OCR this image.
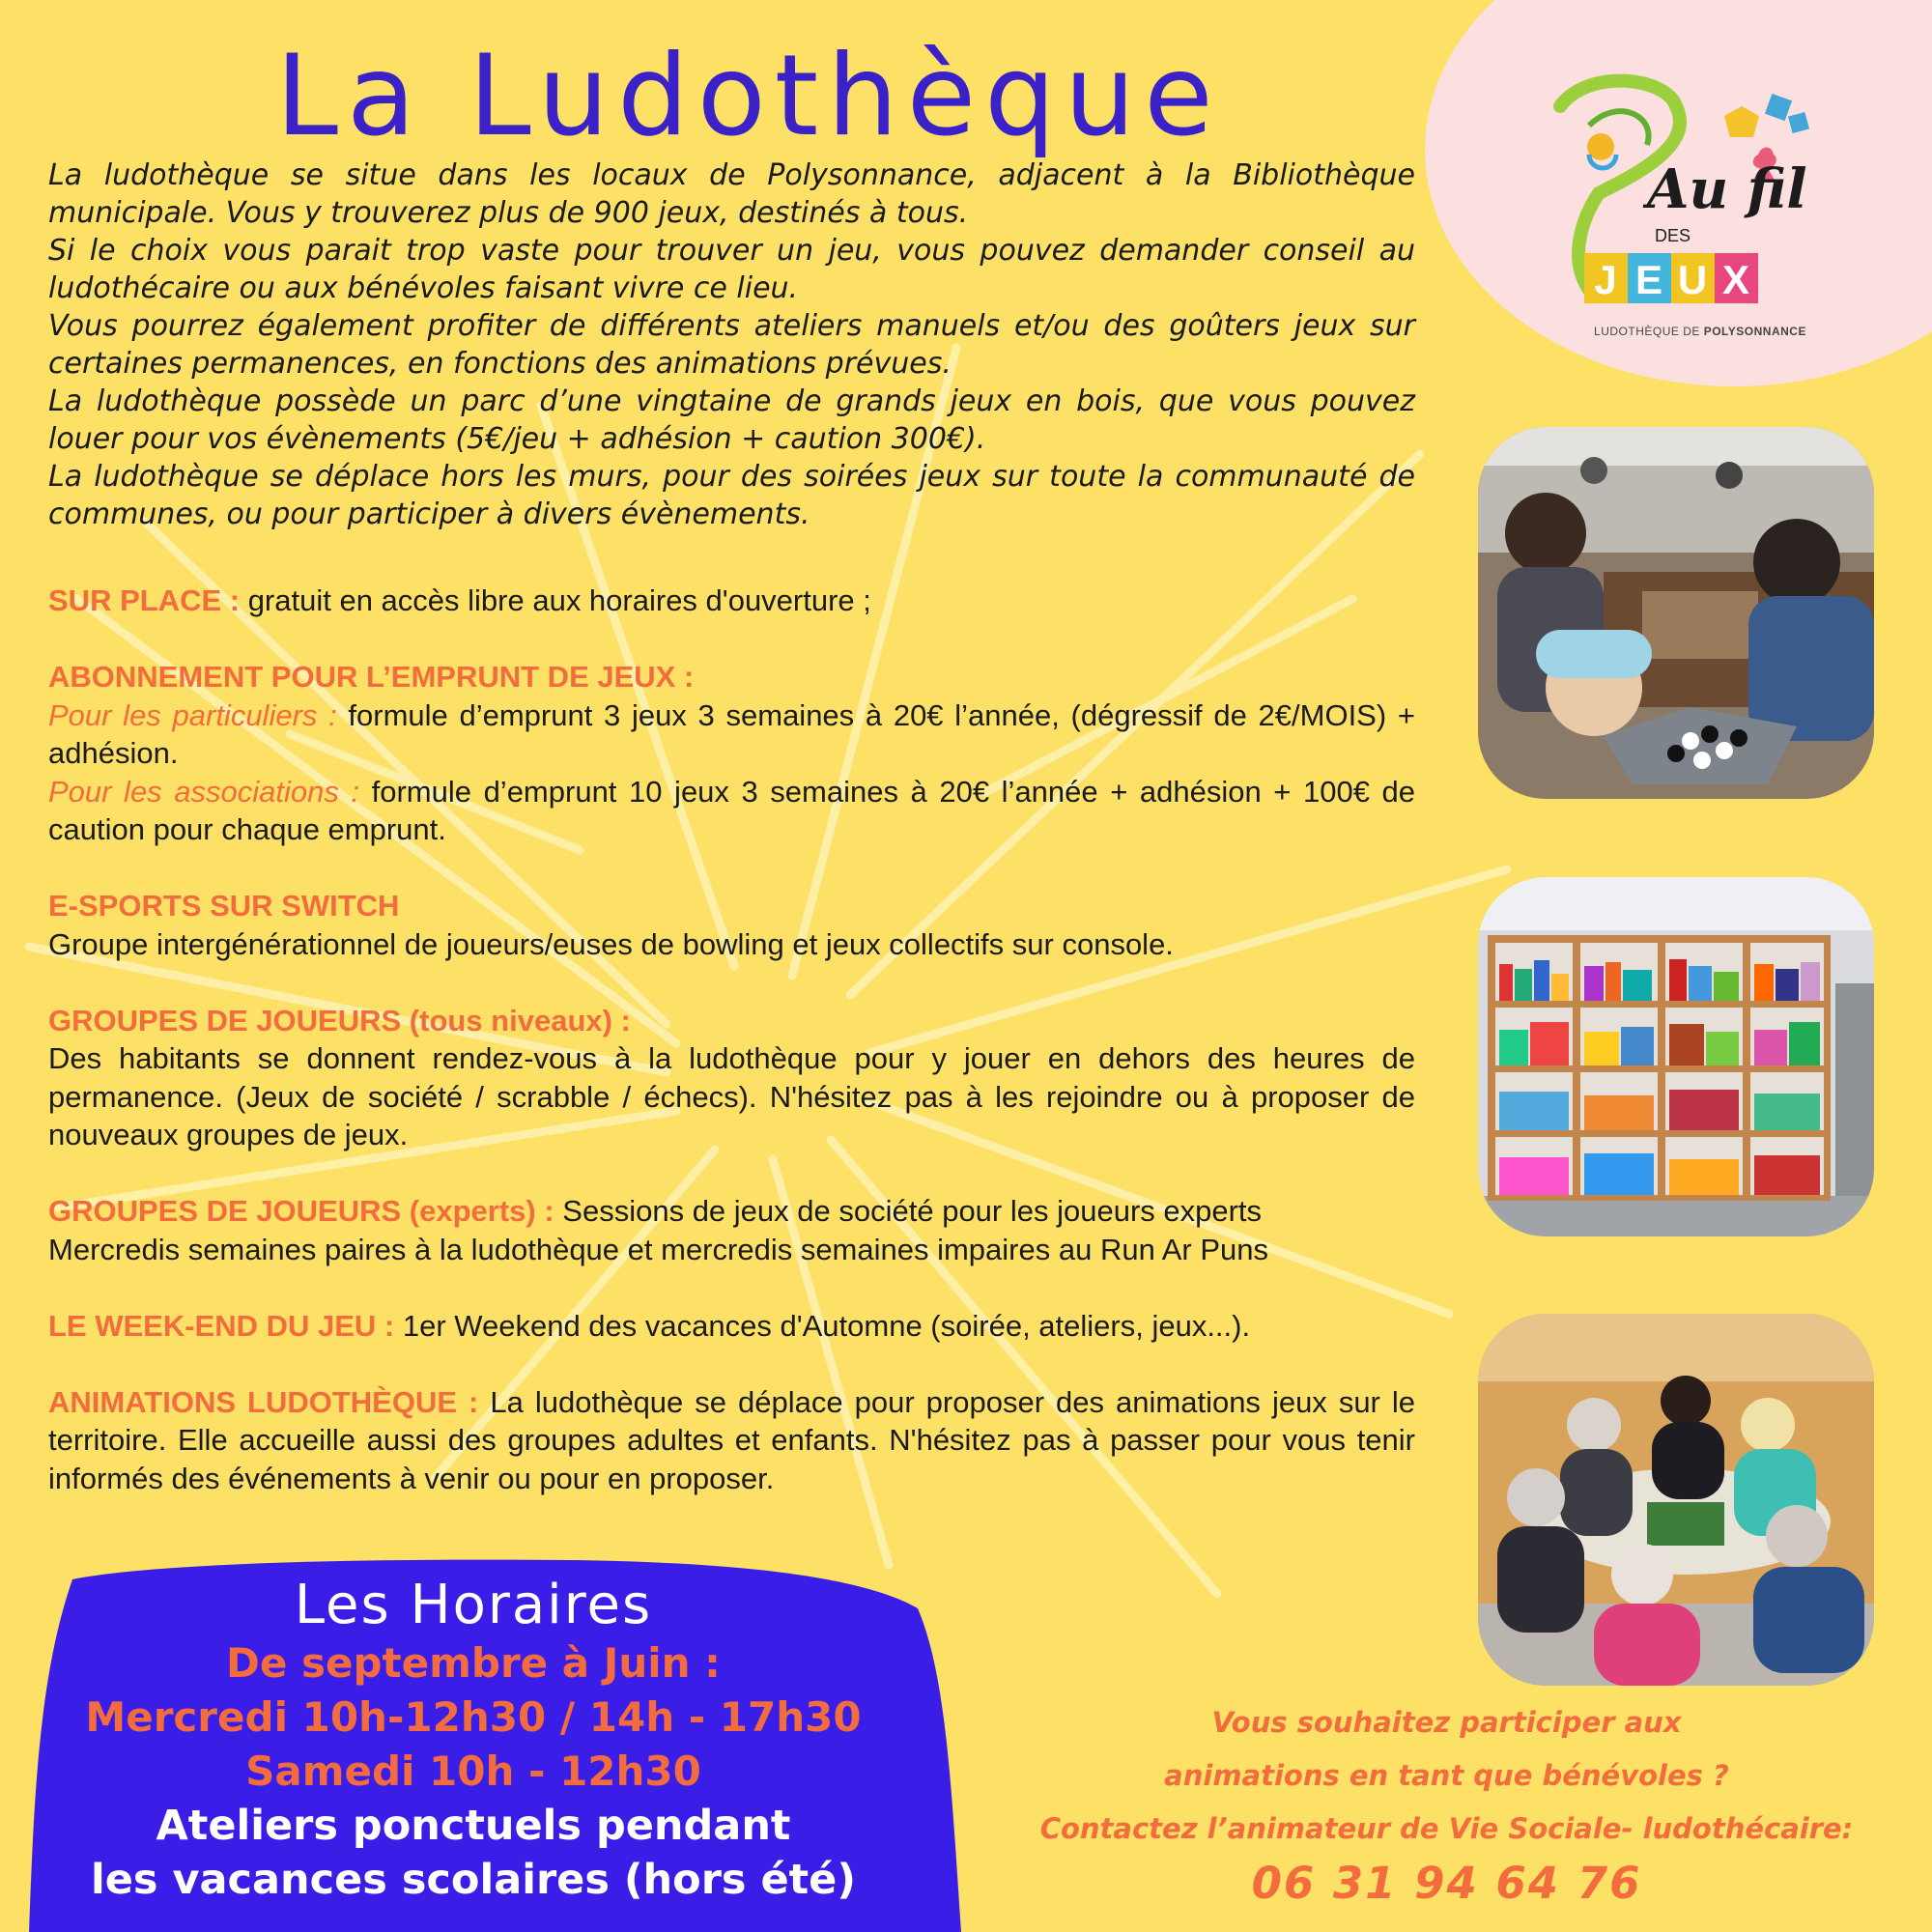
Au fil
DES
J E U X
LUDOTHÈQUE DE POLYSONNANCE
La Ludothèque

La ludothèque se situe dans les locaux de Polysonnance, adjacent à la Bibliothèque municipale. Vous y trouverez plus de 900 jeux, destinés à tous.

Si le choix vous parait trop vaste pour trouver un jeu, vous pouvez demander conseil au ludothécaire ou aux bénévoles faisant vivre ce lieu.

Vous pourrez également profiter de différents ateliers manuels et/ou des goûters jeux sur certaines permanences, en fonctions des animations prévues.

La ludothèque possède un parc d’une vingtaine de grands jeux en bois, que vous pouvez louer pour vos évènements (5€/jeu + adhésion + caution 300€).

La ludothèque se déplace hors les murs, pour des soirées jeux sur toute la communauté de communes, ou pour participer à divers évènements.

SUR PLACE : gratuit en accès libre aux horaires d'ouverture ;

ABONNEMENT POUR L’EMPRUNT DE JEUX :

Pour les particuliers : formule d’emprunt 3 jeux 3 semaines à 20€ l’année, (dégressif de 2€/MOIS) + adhésion.

Pour les associations : formule d’emprunt 10 jeux 3 semaines à 20€ l’année + adhésion + 100€ de caution pour chaque emprunt.

E-SPORTS SUR SWITCH

Groupe intergénérationnel de joueurs/euses de bowling et jeux collectifs sur console.

GROUPES DE JOUEURS (tous niveaux) :

Des habitants se donnent rendez-vous à la ludothèque pour y jouer en dehors des heures de permanence. (Jeux de société / scrabble / échecs). N'hésitez pas à les rejoindre ou à proposer de nouveaux groupes de jeux.

GROUPES DE JOUEURS (experts) : Sessions de jeux de société pour les joueurs experts

Mercredis semaines paires à la ludothèque et mercredis semaines impaires au Run Ar Puns

LE WEEK-END DU JEU : 1er Weekend des vacances d'Automne (soirée, ateliers, jeux...).
ANIMATIONS LUDOTHÈQUE : La ludothèque se déplace pour proposer des animations jeux sur le territoire. Elle accueille aussi des groupes adultes et enfants. N'hésitez pas à passer pour vous tenir informés des événements à venir ou pour en proposer.
Les Horaires
De septembre à Juin :
Mercredi 10h-12h30 / 14h - 17h30
Samedi 10h - 12h30
Ateliers ponctuels pendant
les vacances scolaires (hors été)
Vous souhaitez participer aux
animations en tant que bénévoles ?
Contactez l’animateur de Vie Sociale- ludothécaire:
06 31 94 64 76
